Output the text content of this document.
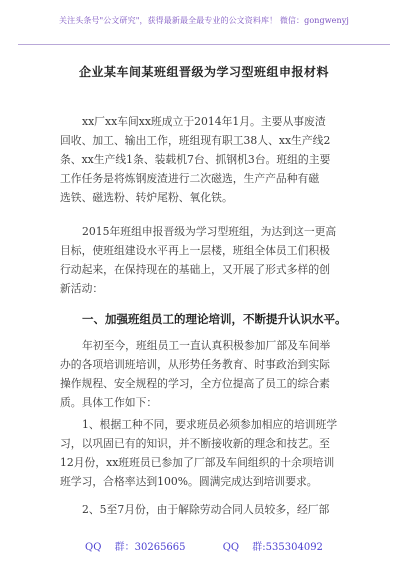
关注头条号"公文研究"，获得最新最全最专业的公文资料库！ 微信：gongwenyj
企业某车间某班组晋级为学习型班组申报材料
xx厂xx车间xx班成立于2014年1月。主要从事废渣
回收、加工、输出工作，班组现有职工38人、xx生产线2
条、xx生产线1条、装载机7台、抓钢机3台。班组的主要
工作任务是将炼钢废渣进行二次磁选，生产产品种有磁
选铁、磁选粉、转炉尾粉、氧化铁。
2015年班组申报晋级为学习型班组，为达到这一更高
目标，使班组建设水平再上一层楼，班组全体员工们积极
行动起来，在保持现在的基础上，又开展了形式多样的创
新活动：
一、加强班组员工的理论培训，不断提升认识水平。
年初至今，班组员工一直认真积极参加厂部及车间举
办的各项培训班培训，从形势任务教育、时事政治到实际
操作规程、安全规程的学习，全方位提高了员工的综合素
质。具体工作如下：
1、根据工种不同，要求班员必须参加相应的培训班学
习，以巩固已有的知识，并不断接收新的理念和技艺。至
12月份，xx班班员已参加了厂部及车间组织的十余项培训
班学习，合格率达到100%。圆满完成达到培训要求。
2、5至7月份，由于解除劳动合同人员较多，经厂部
QQ 群：30265665	QQ 群:535304092
